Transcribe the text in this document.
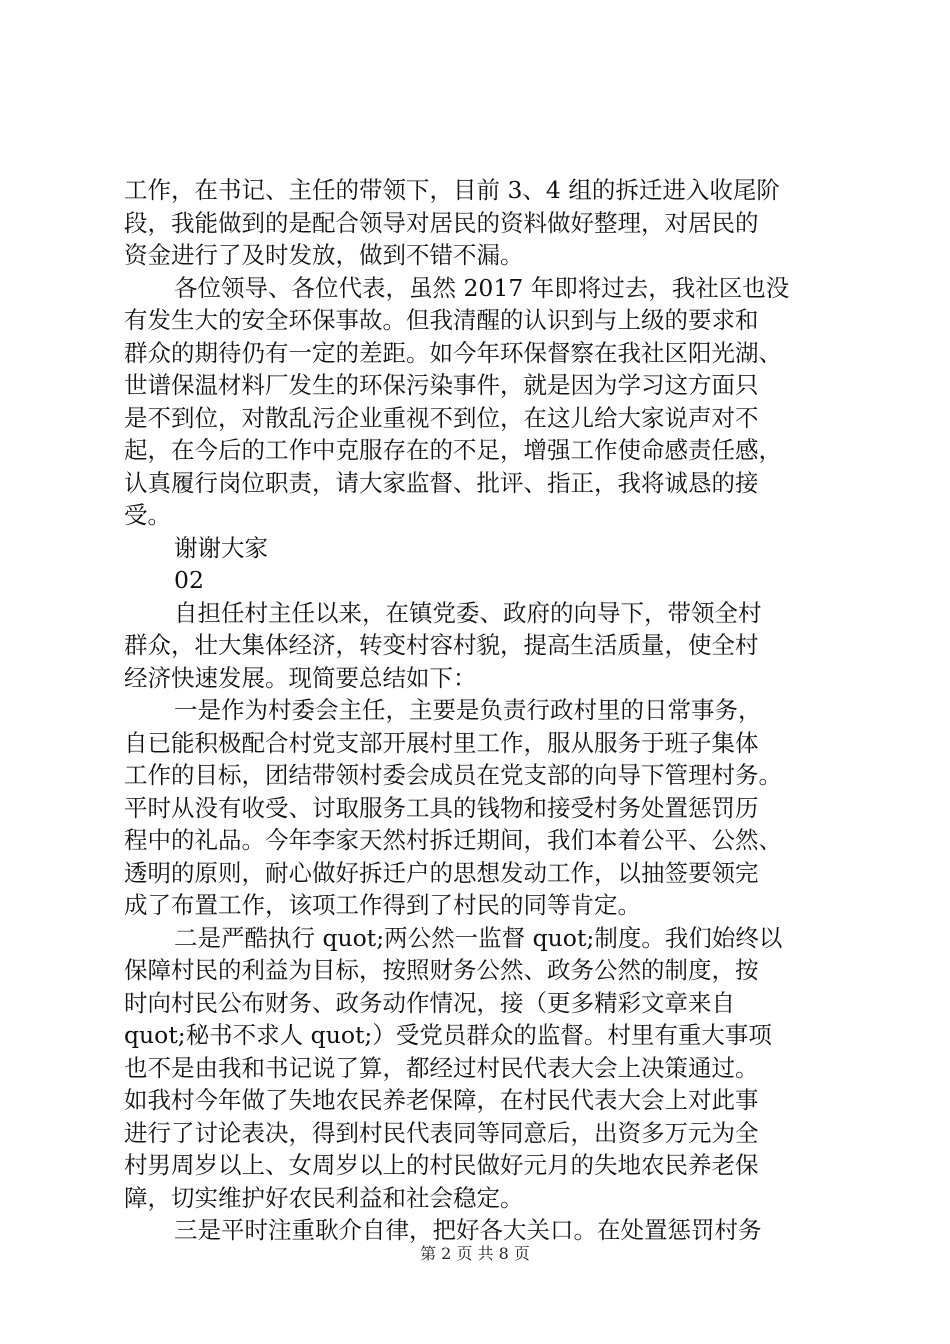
工作，在书记、主任的带领下，目前 3、4 组的拆迁进入收尾阶
段，我能做到的是配合领导对居民的资料做好整理，对居民的
资金进行了及时发放，做到不错不漏。
各位领导、各位代表，虽然 2017 年即将过去，我社区也没
有发生大的安全环保事故。但我清醒的认识到与上级的要求和
群众的期待仍有一定的差距。如今年环保督察在我社区阳光湖、
世谱保温材料厂发生的环保污染事件，就是因为学习这方面只
是不到位，对散乱污企业重视不到位，在这儿给大家说声对不
起，在今后的工作中克服存在的不足，增强工作使命感责任感，
认真履行岗位职责，请大家监督、批评、指正，我将诚恳的接
受。
谢谢大家
02
自担任村主任以来，在镇党委、政府的向导下，带领全村
群众，壮大集体经济，转变村容村貌，提高生活质量，使全村
经济快速发展。现简要总结如下：
一是作为村委会主任，主要是负责行政村里的日常事务，
自已能积极配合村党支部开展村里工作，服从服务于班子集体
工作的目标，团结带领村委会成员在党支部的向导下管理村务。
平时从没有收受、讨取服务工具的钱物和接受村务处置惩罚历
程中的礼品。今年李家天然村拆迁期间，我们本着公平、公然、
透明的原则，耐心做好拆迁户的思想发动工作，以抽签要领完
成了布置工作，该项工作得到了村民的同等肯定。
二是严酷执行 quot;两公然一监督 quot;制度。我们始终以
保障村民的利益为目标，按照财务公然、政务公然的制度，按
时向村民公布财务、政务动作情况，接（更多精彩文章来自
quot;秘书不求人 quot;）受党员群众的监督。村里有重大事项
也不是由我和书记说了算，都经过村民代表大会上决策通过。
如我村今年做了失地农民养老保障，在村民代表大会上对此事
进行了讨论表决，得到村民代表同等同意后，出资多万元为全
村男周岁以上、女周岁以上的村民做好元月的失地农民养老保
障，切实维护好农民利益和社会稳定。
三是平时注重耿介自律，把好各大关口。在处置惩罚村务
第 2 页 共 8 页
